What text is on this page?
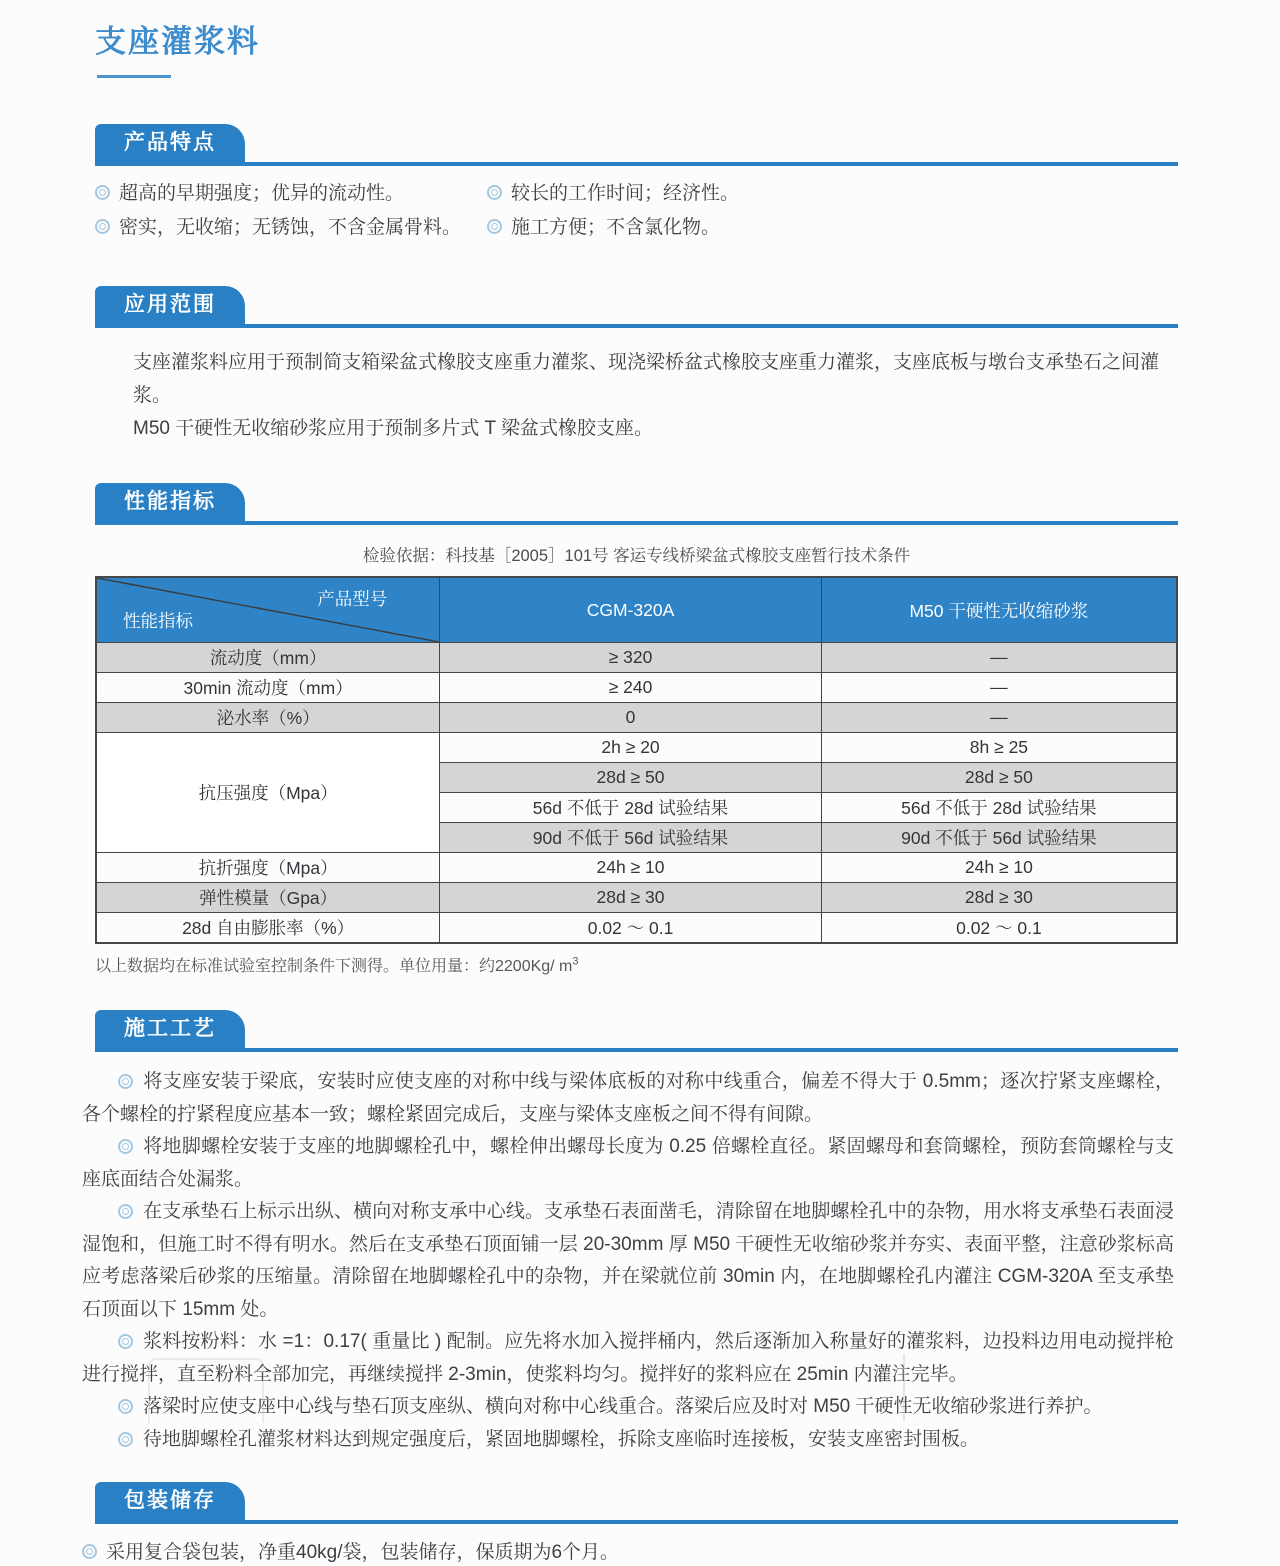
支座灌浆料
产品特点
超高的早期强度；优异的流动性。
密实，无收缩；无锈蚀，不含金属骨料。
较长的工作时间；经济性。
施工方便；不含氯化物。
应用范围

支座灌浆料应用于预制简支箱梁盆式橡胶支座重力灌浆、现浇梁桥盆式橡胶支座重力灌浆，支座底板与墩台支承垫石之间灌浆。

M50 干硬性无收缩砂浆应用于预制多片式 T 梁盆式橡胶支座。

性能指标
检验依据：科技基［2005］101号 客运专线桥梁盆式橡胶支座暂行技术条件
产品型号
性能指标	CGM-320A	M50 干硬性无收缩砂浆
流动度（mm）	≥ 320	—
30min 流动度（mm）	≥ 240	—
泌水率（%）	0	—
抗压强度（Mpa）	2h ≥ 20	8h ≥ 25
	28d ≥ 50	28d ≥ 50
	56d 不低于 28d 试验结果	56d 不低于 28d 试验结果
	90d 不低于 56d 试验结果	90d 不低于 56d 试验结果
抗折强度（Mpa）	24h ≥ 10	24h ≥ 10
弹性模量（Gpa）	28d ≥ 30	28d ≥ 30
28d 自由膨胀率（%）	0.02 ～ 0.1	0.02 ～ 0.1
以上数据均在标准试验室控制条件下测得。单位用量：约2200Kg/ $m^3$
施工工艺

将支座安装于梁底，安装时应使支座的对称中线与梁体底板的对称中线重合，偏差不得大于 0.5mm；逐次拧紧支座螺栓，各个螺栓的拧紧程度应基本一致；螺栓紧固完成后，支座与梁体支座板之间不得有间隙。

将地脚螺栓安装于支座的地脚螺栓孔中，螺栓伸出螺母长度为 0.25 倍螺栓直径。紧固螺母和套筒螺栓，预防套筒螺栓与支座底面结合处漏浆。

在支承垫石上标示出纵、横向对称支承中心线。支承垫石表面凿毛，清除留在地脚螺栓孔中的杂物，用水将支承垫石表面浸湿饱和，但施工时不得有明水。然后在支承垫石顶面铺一层 20-30mm 厚 M50 干硬性无收缩砂浆并夯实、表面平整，注意砂浆标高应考虑落梁后砂浆的压缩量。清除留在地脚螺栓孔中的杂物，并在梁就位前 30min 内，在地脚螺栓孔内灌注 CGM-320A 至支承垫石顶面以下 15mm 处。

浆料按粉料：水 =1：0.17( 重量比 ) 配制。应先将水加入搅拌桶内，然后逐渐加入称量好的灌浆料，边投料边用电动搅拌枪进行搅拌，直至粉料全部加完，再继续搅拌 2-3min，使浆料均匀。搅拌好的浆料应在 25min 内灌注完毕。

落梁时应使支座中心线与垫石顶支座纵、横向对称中心线重合。落梁后应及时对 M50 干硬性无收缩砂浆进行养护。

待地脚螺栓孔灌浆材料达到规定强度后，紧固地脚螺栓，拆除支座临时连接板，安装支座密封围板。

包装储存
采用复合袋包装，净重40kg/袋，包装储存，保质期为6个月。
